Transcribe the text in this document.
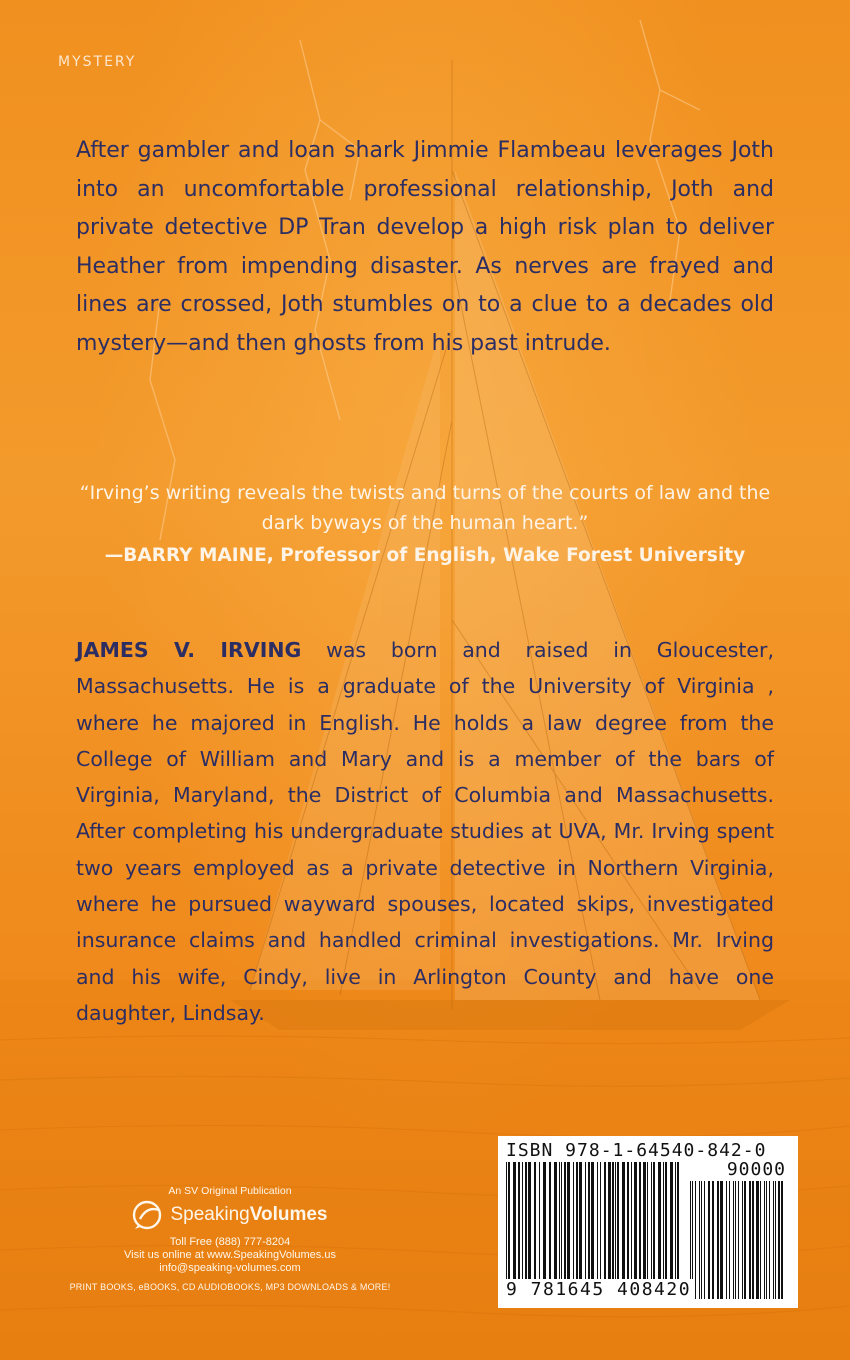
MYSTERY

After gambler and loan shark Jimmie Flambeau leverages Joth into an uncomfortable professional relationship, Joth and private detective DP Tran develop a high risk plan to deliver Heather from impending disaster. As nerves are frayed and lines are crossed, Joth stumbles on to a clue to a decades old mystery—and then ghosts from his past intrude.

“Irving’s writing reveals the twists and turns of the courts of law and the dark byways of the human heart.”
—BARRY MAINE, Professor of English, Wake Forest University
JAMES V. IRVING was born and raised in Gloucester, Massachusetts. He is a graduate of the University of Virginia , where he majored in English. He holds a law degree from the College of William and Mary and is a member of the bars of Virginia, Maryland, the District of Columbia and Massachusetts. After completing his undergraduate studies at UVA, Mr. Irving spent two years employed as a private detective in Northern Virginia, where he pursued wayward spouses, located skips, investigated insurance claims and handled criminal investigations. Mr. Irving and his wife, Cindy, live in Arlington County and have one daughter, Lindsay.
An SV Original Publication
SpeakingVolumes
Toll Free (888) 777-8204
Visit us online at www.SpeakingVolumes.us
info@speaking-volumes.com
PRINT BOOKS, eBOOKS, CD AUDIOBOOKS, MP3 DOWNLOADS & MORE!
ISBN 978-1-64540-842-0
90000
9 781645 408420
